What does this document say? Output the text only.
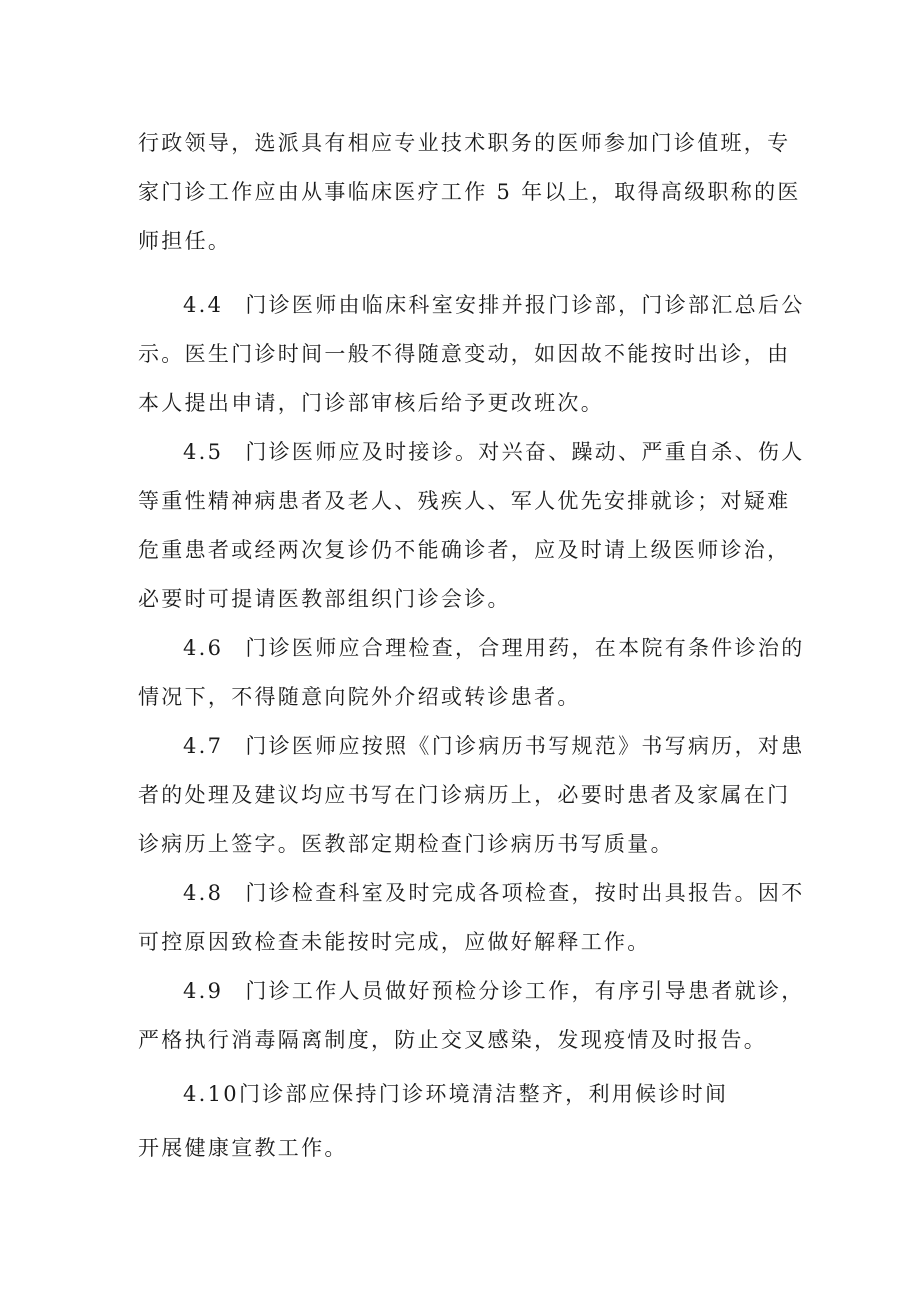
行政领导，选派具有相应专业技术职务的医师参加门诊值班，专
家门诊工作应由从事临床医疗工作 5 年以上，取得高级职称的医
师担任。
4.4 门诊医师由临床科室安排并报门诊部，门诊部汇总后公
示。医生门诊时间一般不得随意变动，如因故不能按时出诊，由
本人提出申请，门诊部审核后给予更改班次。
4.5 门诊医师应及时接诊。对兴奋、躁动、严重自杀、伤人
等重性精神病患者及老人、残疾人、军人优先安排就诊；对疑难
危重患者或经两次复诊仍不能确诊者，应及时请上级医师诊治，
必要时可提请医教部组织门诊会诊。
4.6 门诊医师应合理检查，合理用药，在本院有条件诊治的
情况下，不得随意向院外介绍或转诊患者。
4.7 门诊医师应按照《门诊病历书写规范》书写病历，对患
者的处理及建议均应书写在门诊病历上，必要时患者及家属在门
诊病历上签字。医教部定期检查门诊病历书写质量。
4.8 门诊检查科室及时完成各项检查，按时出具报告。因不
可控原因致检查未能按时完成，应做好解释工作。
4.9 门诊工作人员做好预检分诊工作，有序引导患者就诊，
严格执行消毒隔离制度，防止交叉感染，发现疫情及时报告。
4.10门诊部应保持门诊环境清洁整齐，利用候诊时间
开展健康宣教工作。
